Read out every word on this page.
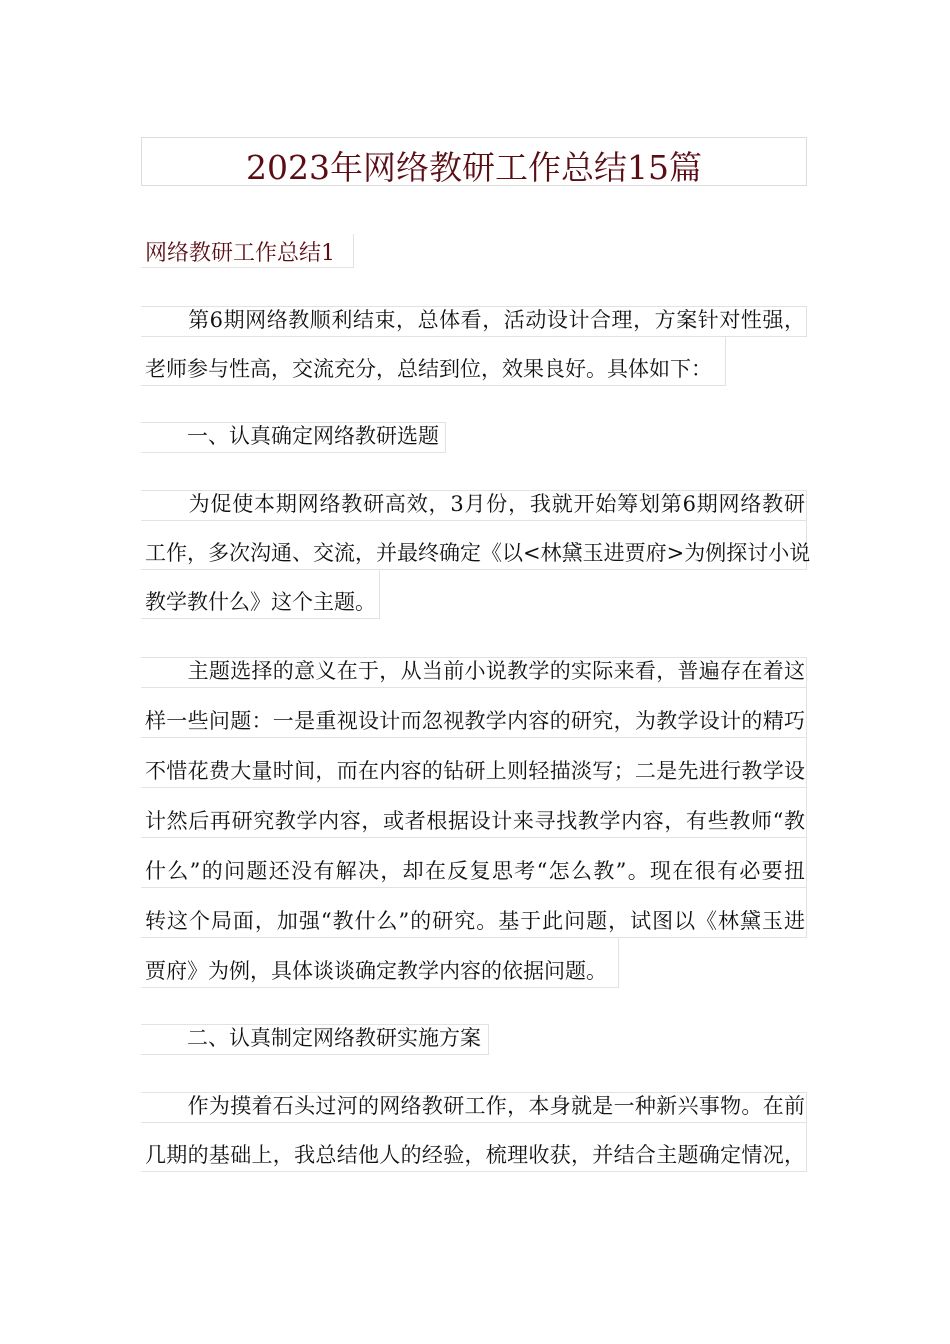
2023年网络教研工作总结15篇
网络教研工作总结1
　　第6期网络教顺利结束，总体看，活动设计合理，方案针对性强，
老师参与性高，交流充分，总结到位，效果良好。具体如下：
　　一、认真确定网络教研选题
　　为促使本期网络教研高效，3月份，我就开始筹划第6期网络教研
工作，多次沟通、交流，并最终确定《以<林黛玉进贾府>为例探讨小说
教学教什么》这个主题。
　　主题选择的意义在于，从当前小说教学的实际来看，普遍存在着这
样一些问题：一是重视设计而忽视教学内容的研究，为教学设计的精巧
不惜花费大量时间，而在内容的钻研上则轻描淡写；二是先进行教学设
计然后再研究教学内容，或者根据设计来寻找教学内容，有些教师“教
什么”的问题还没有解决，却在反复思考“怎么教”。现在很有必要扭
转这个局面，加强“教什么”的研究。基于此问题，试图以《林黛玉进
贾府》为例，具体谈谈确定教学内容的依据问题。
　　二、认真制定网络教研实施方案
　　作为摸着石头过河的网络教研工作，本身就是一种新兴事物。在前
几期的基础上，我总结他人的经验，梳理收获，并结合主题确定情况，
